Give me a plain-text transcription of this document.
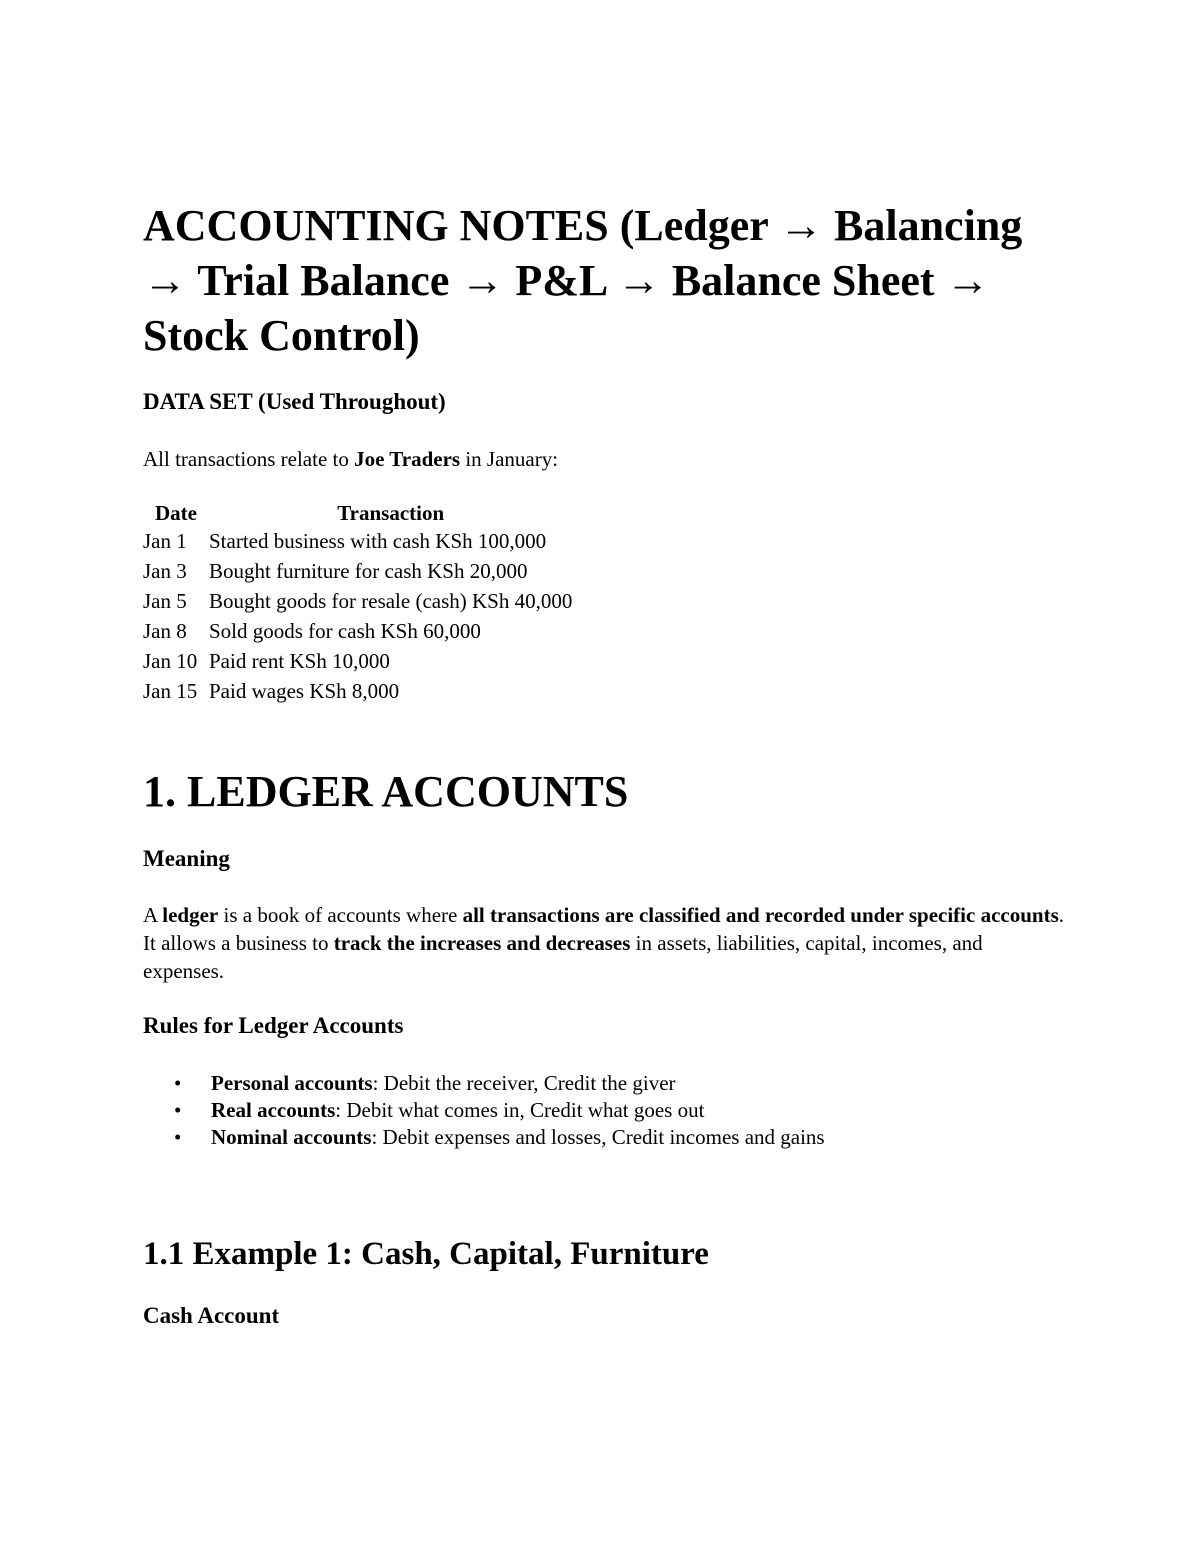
ACCOUNTING NOTES (Ledger → Balancing → Trial Balance → P&L → Balance Sheet → Stock Control)
DATA SET (Used Throughout)

All transactions relate to Joe Traders in January:

Date	Transaction
Jan 1	Started business with cash KSh 100,000
Jan 3	Bought furniture for cash KSh 20,000
Jan 5	Bought goods for resale (cash) KSh 40,000
Jan 8	Sold goods for cash KSh 60,000
Jan 10	Paid rent KSh 10,000
Jan 15	Paid wages KSh 8,000
1. LEDGER ACCOUNTS
Meaning

A ledger is a book of accounts where all transactions are classified and recorded under specific accounts. It allows a business to track the increases and decreases in assets, liabilities, capital, incomes, and expenses.

Rules for Ledger Accounts
• Personal accounts: Debit the receiver, Credit the giver
• Real accounts: Debit what comes in, Credit what goes out
• Nominal accounts: Debit expenses and losses, Credit incomes and gains
1.1 Example 1: Cash, Capital, Furniture
Cash Account
